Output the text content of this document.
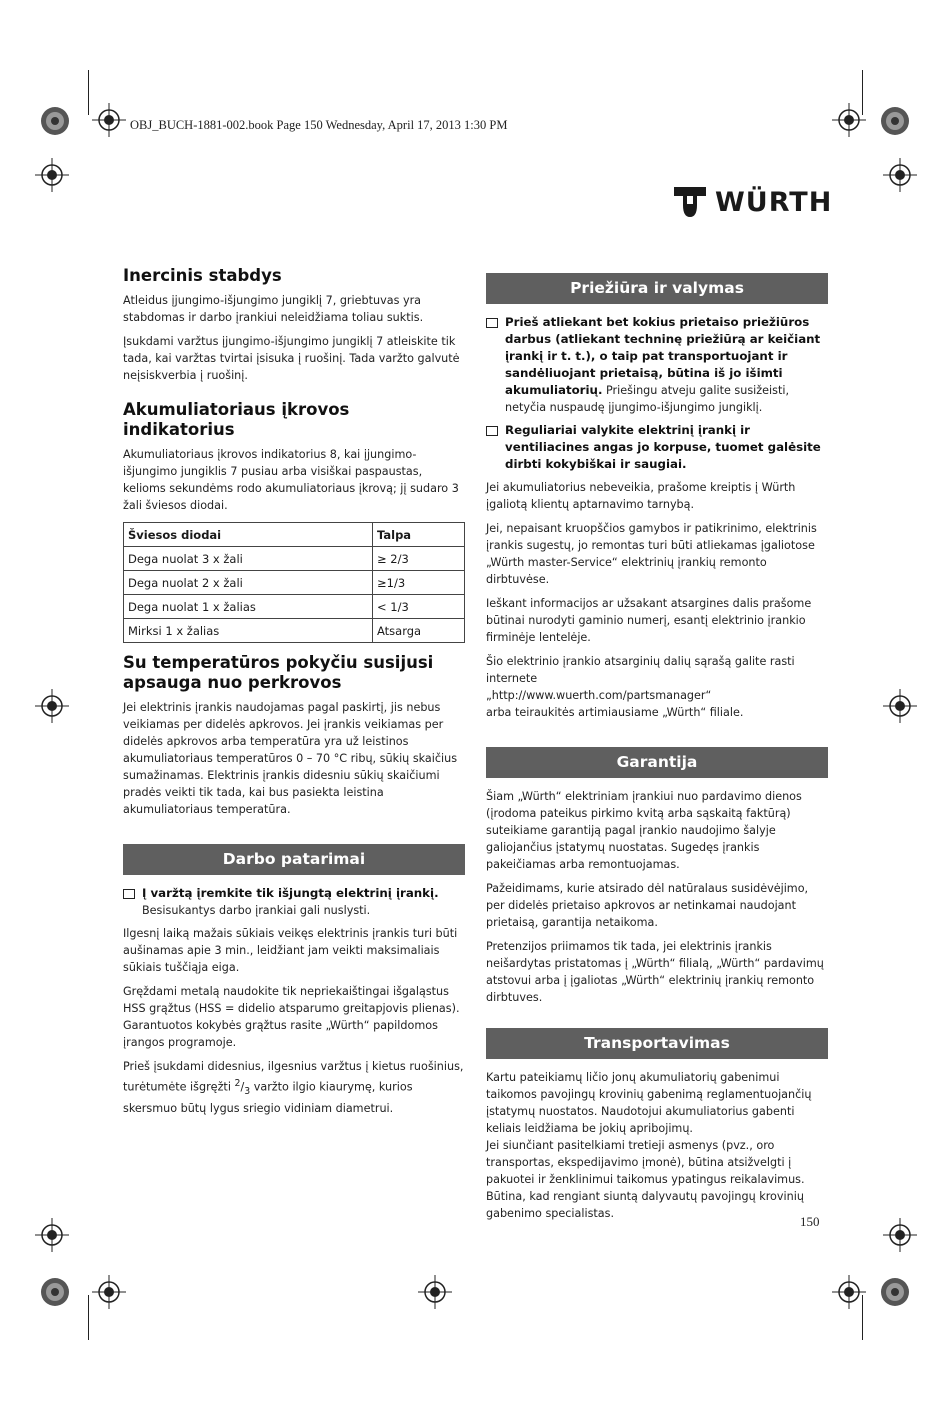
OBJ_BUCH-1881-002.book Page 150 Wednesday, April 17, 2013 1:30 PM
WÜRTH
Inercinis stabdys

Atleidus įjungimo-išjungimo jungiklį 7, griebtuvas yra stabdomas ir darbo įrankiui neleidžiama toliau suktis.

Įsukdami varžtus įjungimo-išjungimo jungiklį 7 atleiskite tik tada, kai varžtas tvirtai įsisuka į ruošinį. Tada varžto galvutė neįsiskverbia į ruošinį.

Akumuliatoriaus įkrovos indikatorius

Akumuliatoriaus įkrovos indikatorius 8, kai įjungimo-išjungimo jungiklis 7 pusiau arba visiškai paspaustas, kelioms sekundėms rodo akumuliatoriaus įkrovą; jį sudaro 3 žali šviesos diodai.

Šviesos diodai	Talpa
Dega nuolat 3 x žali	≥ 2/3
Dega nuolat 2 x žali	≥1/3
Dega nuolat 1 x žalias	< 1/3
Mirksi 1 x žalias	Atsarga
Su temperatūros pokyčiu susijusi apsauga nuo perkrovos

Jei elektrinis įrankis naudojamas pagal paskirtį, jis nebus veikiamas per didelės apkrovos. Jei įrankis veikiamas per didelės apkrovos arba temperatūra yra už leistinos akumuliatoriaus temperatūros 0 – 70 °C ribų, sūkių skaičius sumažinamas. Elektrinis įrankis didesniu sūkių skaičiumi pradės veikti tik tada, kai bus pasiekta leistina akumuliatoriaus temperatūra.

Darbo patarimai
Į varžtą įremkite tik išjungtą elektrinį įrankį.
Besisukantys darbo įrankiai gali nuslysti.

Ilgesnį laiką mažais sūkiais veikęs elektrinis įrankis turi būti aušinamas apie 3 min., leidžiant jam veikti maksimaliais sūkiais tuščiąja eiga.

Gręždami metalą naudokite tik nepriekaištingai išgaląstus HSS grąžtus (HSS = didelio atsparumo greitapjovis plienas). Garantuotos kokybės grąžtus rasite „Würth“ papildomos įrangos programoje.

Prieš įsukdami didesnius, ilgesnius varžtus į kietus ruošinius, turėtumėte išgręžti $^2/_3$ varžto ilgio kiaurymę, kurios skersmuo būtų lygus sriegio vidiniam diametrui.

Priežiūra ir valymas
Prieš atliekant bet kokius prietaiso priežiūros darbus (atliekant techninę priežiūrą ar keičiant įrankį ir t. t.), o taip pat transportuojant ir sandėliuojant prietaisą, būtina iš jo išimti akumuliatorių. Priešingu atveju galite susižeisti, netyčia nuspaudę įjungimo-išjungimo jungiklį.
Reguliariai valykite elektrinį įrankį ir ventiliacines angas jo korpuse, tuomet galėsite dirbti kokybiškai ir saugiai.

Jei akumuliatorius nebeveikia, prašome kreiptis į Würth įgaliotą klientų aptarnavimo tarnybą.

Jei, nepaisant kruopščios gamybos ir patikrinimo, elektrinis įrankis sugestų, jo remontas turi būti atliekamas įgaliotose „Würth master-Service“ elektrinių įrankių remonto dirbtuvėse.

Ieškant informacijos ar užsakant atsargines dalis prašome būtinai nurodyti gaminio numerį, esantį elektrinio įrankio firminėje lentelėje.

Šio elektrinio įrankio atsarginių dalių sąrašą galite rasti internete

„http://www.wuerth.com/partsmanager“

arba teiraukitės artimiausiame „Würth“ filiale.

Garantija

Šiam „Würth“ elektriniam įrankiui nuo pardavimo dienos (įrodoma pateikus pirkimo kvitą arba sąskaitą faktūrą) suteikiame garantiją pagal įrankio naudojimo šalyje galiojančius įstatymų nuostatas. Sugedęs įrankis pakeičiamas arba remontuojamas.

Pažeidimams, kurie atsirado dėl natūralaus susidėvėjimo, per didelės prietaiso apkrovos ar netinkamai naudojant prietaisą, garantija netaikoma.

Pretenzijos priimamos tik tada, jei elektrinis įrankis neišardytas pristatomas į „Würth“ filialą, „Würth“ pardavimų atstovui arba į įgaliotas „Würth“ elektrinių įrankių remonto dirbtuves.

Transportavimas

Kartu pateikiamų ličio jonų akumuliatorių gabenimui taikomos pavojingų krovinių gabenimą reglamentuojančių įstatymų nuostatos. Naudotojui akumuliatorius gabenti keliais leidžiama be jokių apribojimų.

Jei siunčiant pasitelkiami tretieji asmenys (pvz., oro transportas, ekspedijavimo įmonė), būtina atsižvelgti į pakuotei ir ženklinimui taikomus ypatingus reikalavimus. Būtina, kad rengiant siuntą dalyvautų pavojingų krovinių gabenimo specialistas.

150
